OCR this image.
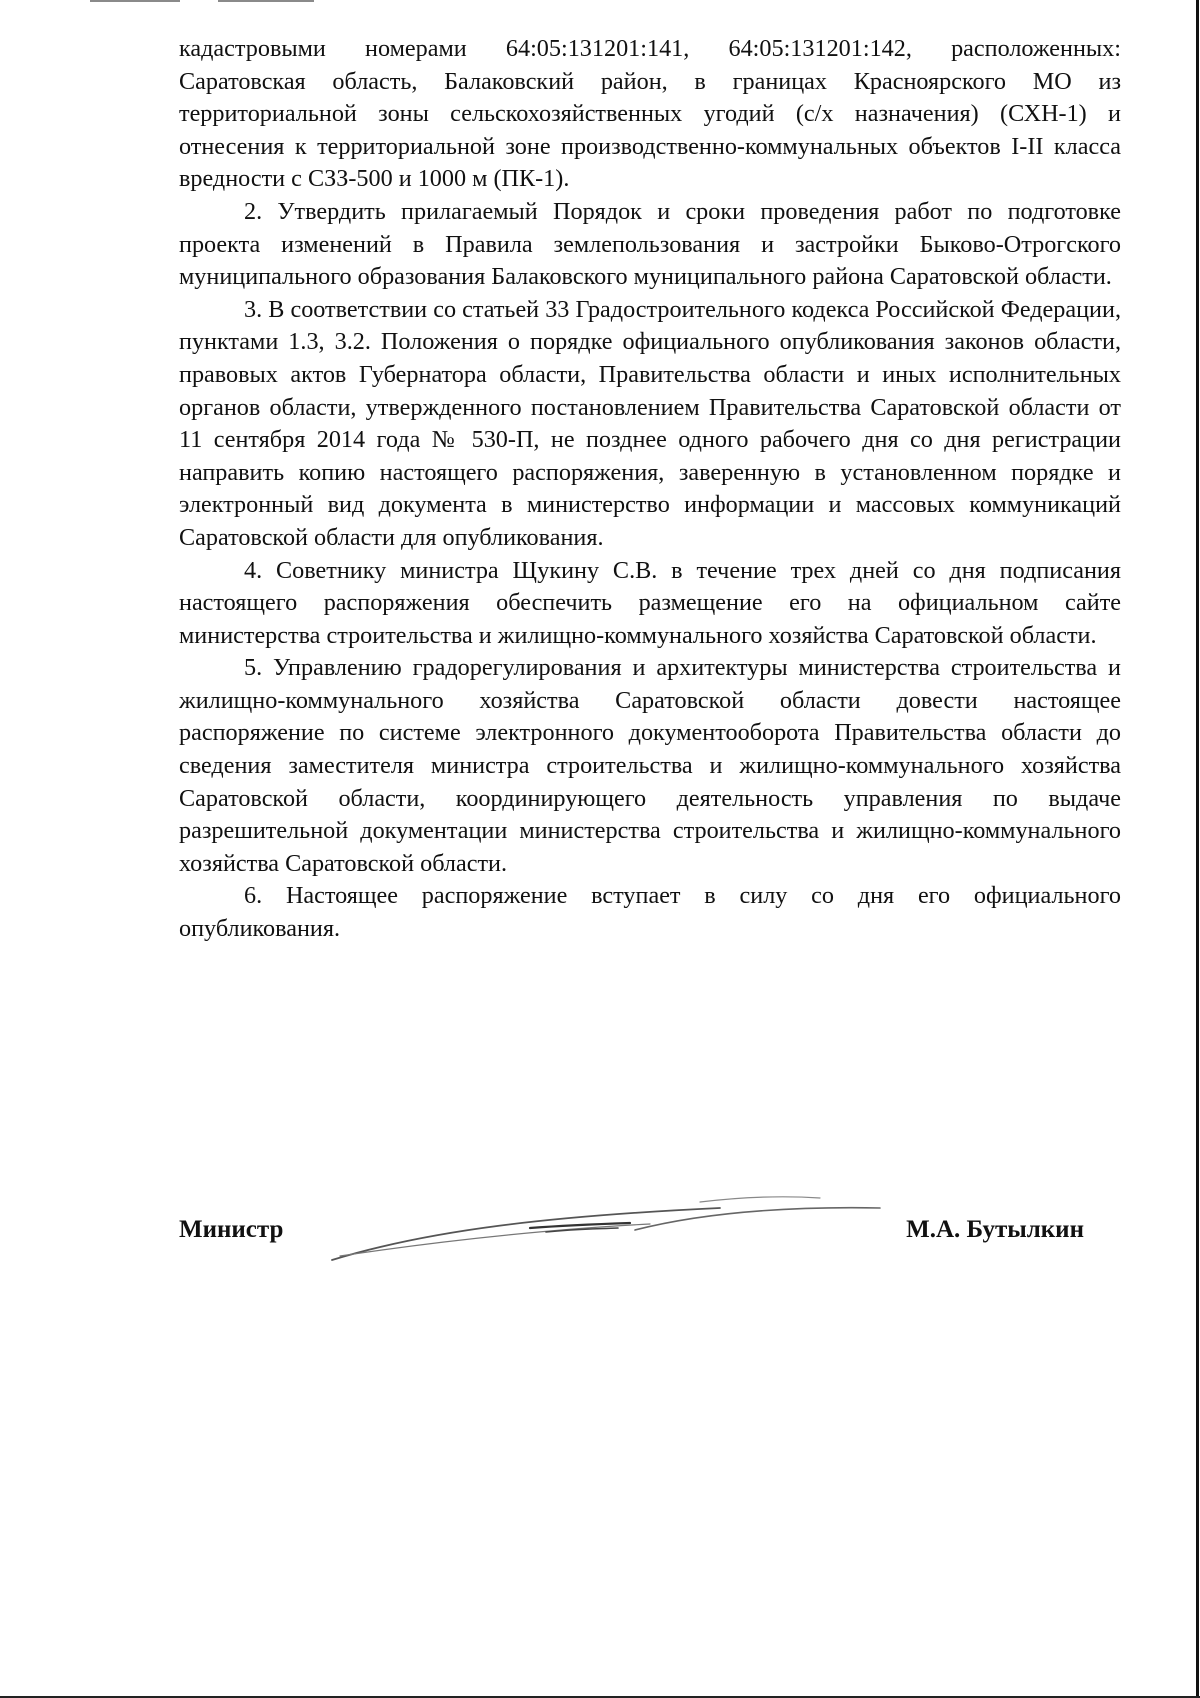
кадастровыми номерами 64:05:131201:141, 64:05:131201:142, расположенных: Саратовская область, Балаковский район, в границах Красноярского МО из территориальной зоны сельскохозяйственных угодий (с/х назначения) (СХН-1) и отнесения к территориальной зоне производственно-коммунальных объектов I-II класса вредности с СЗЗ-500 и 1000 м (ПК-1).

2. Утвердить прилагаемый Порядок и сроки проведения работ по подготовке проекта изменений в Правила землепользования и застройки Быково-Отрогского муниципального образования Балаковского муниципального района Саратовской области.

3. В соответствии со статьей 33 Градостроительного кодекса Российской Федерации, пунктами 1.3, 3.2. Положения о порядке официального опубликования законов области, правовых актов Губернатора области, Правительства области и иных исполнительных органов области, утвержденного постановлением Правительства Саратовской области от 11 сентября 2014 года № 530-П, не позднее одного рабочего дня со дня регистрации направить копию настоящего распоряжения, заверенную в установленном порядке и электронный вид документа в министерство информации и массовых коммуникаций Саратовской области для опубликования.

4. Советнику министра Щукину С.В. в течение трех дней со дня подписания настоящего распоряжения обеспечить размещение его на официальном сайте министерства строительства и жилищно-коммунального хозяйства Саратовской области.

5. Управлению градорегулирования и архитектуры министерства строительства и жилищно-коммунального хозяйства Саратовской области довести настоящее распоряжение по системе электронного документооборота Правительства области до сведения заместителя министра строительства и жилищно-коммунального хозяйства Саратовской области, координирующего деятельность управления по выдаче разрешительной документации министерства строительства и жилищно-коммунального хозяйства Саратовской области.

6. Настоящее распоряжение вступает в силу со дня его официального опубликования.

Министр	М.А. Бутылкин
